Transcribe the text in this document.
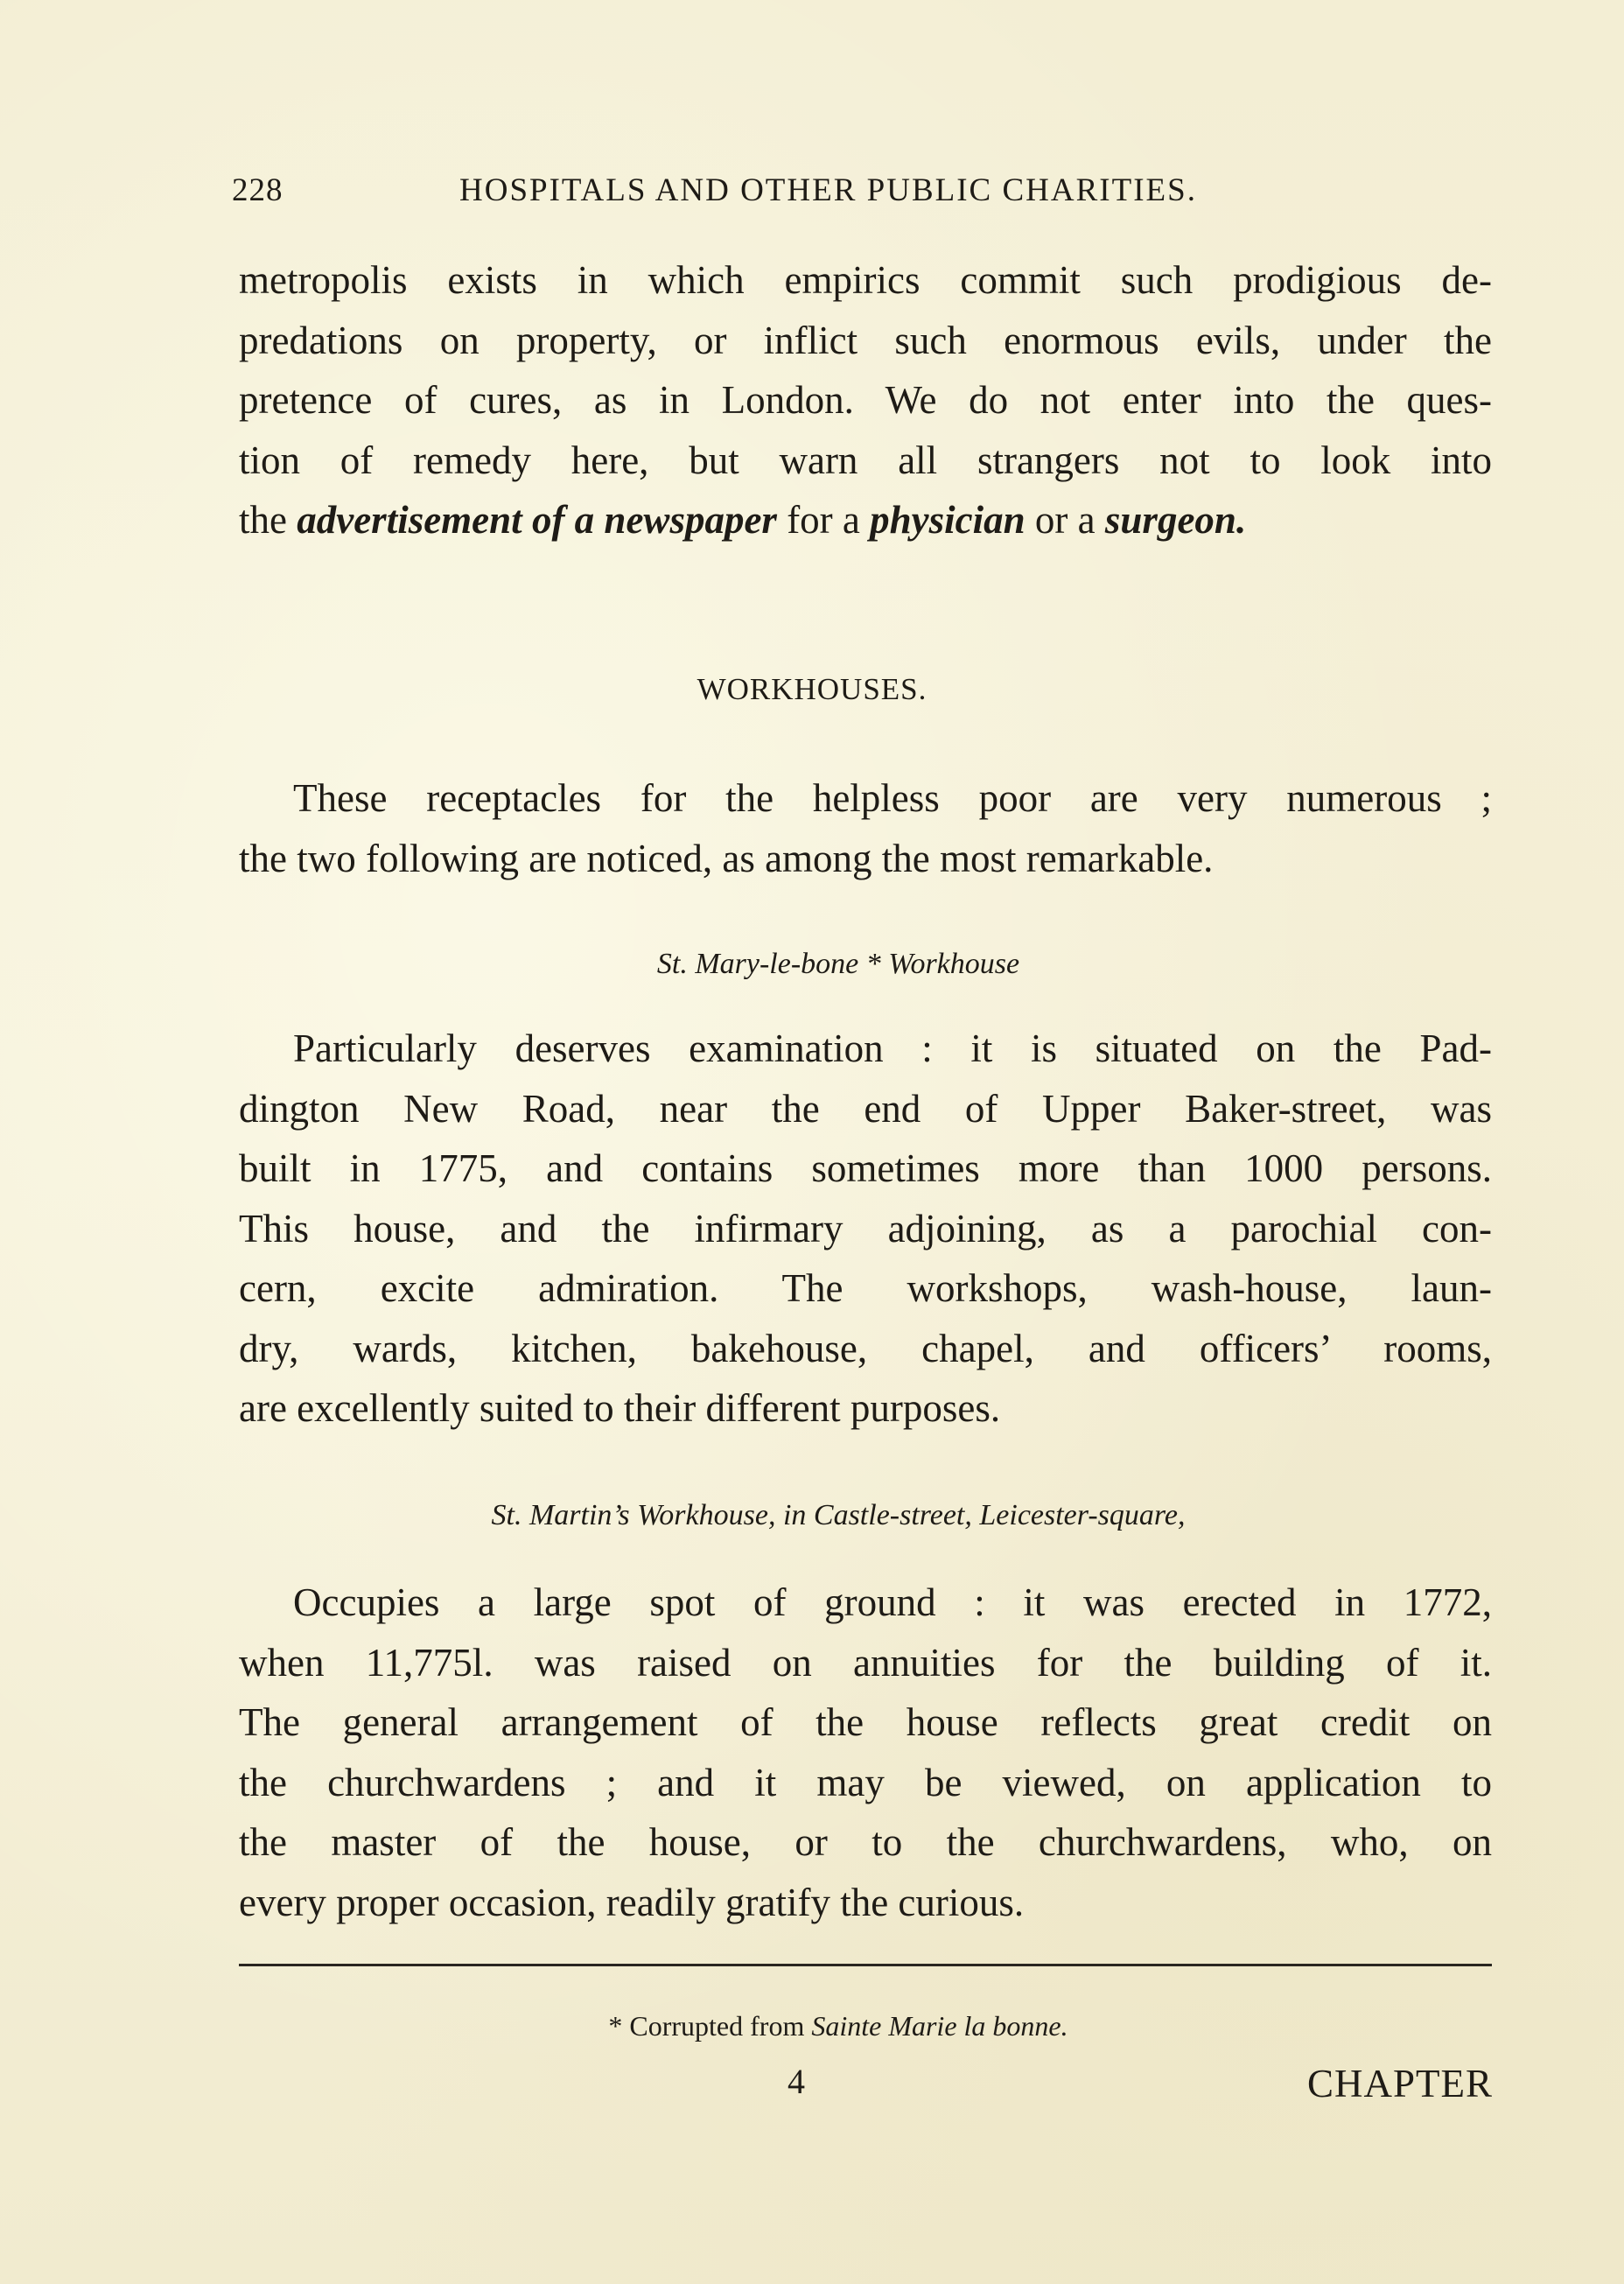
228	HOSPITALS AND OTHER PUBLIC CHARITIES.
metropolis exists in which empirics commit such prodigious de-
predations on property, or inflict such enormous evils, under the
pretence of cures, as in London. We do not enter into the ques-
tion of remedy here, but warn all strangers not to look into
the advertisement of a newspaper for a physician or a surgeon.
WORKHOUSES.
These receptacles for the helpless poor are very numerous ;
the two following are noticed, as among the most remarkable.
St. Mary-le-bone * Workhouse
Particularly deserves examination : it is situated on the Pad-
dington New Road, near the end of Upper Baker-street, was
built in 1775, and contains sometimes more than 1000 persons.
This house, and the infirmary adjoining, as a parochial con-
cern, excite admiration. The workshops, wash-house, laun-
dry, wards, kitchen, bakehouse, chapel, and officers’ rooms,
are excellently suited to their different purposes.
St. Martin’s Workhouse, in Castle-street, Leicester-square,
Occupies a large spot of ground : it was erected in 1772,
when 11,775l. was raised on annuities for the building of it.
The general arrangement of the house reflects great credit on
the churchwardens ; and it may be viewed, on application to
the master of the house, or to the churchwardens, who, on
every proper occasion, readily gratify the curious.
* Corrupted from Sainte Marie la bonne.
4	CHAPTER
